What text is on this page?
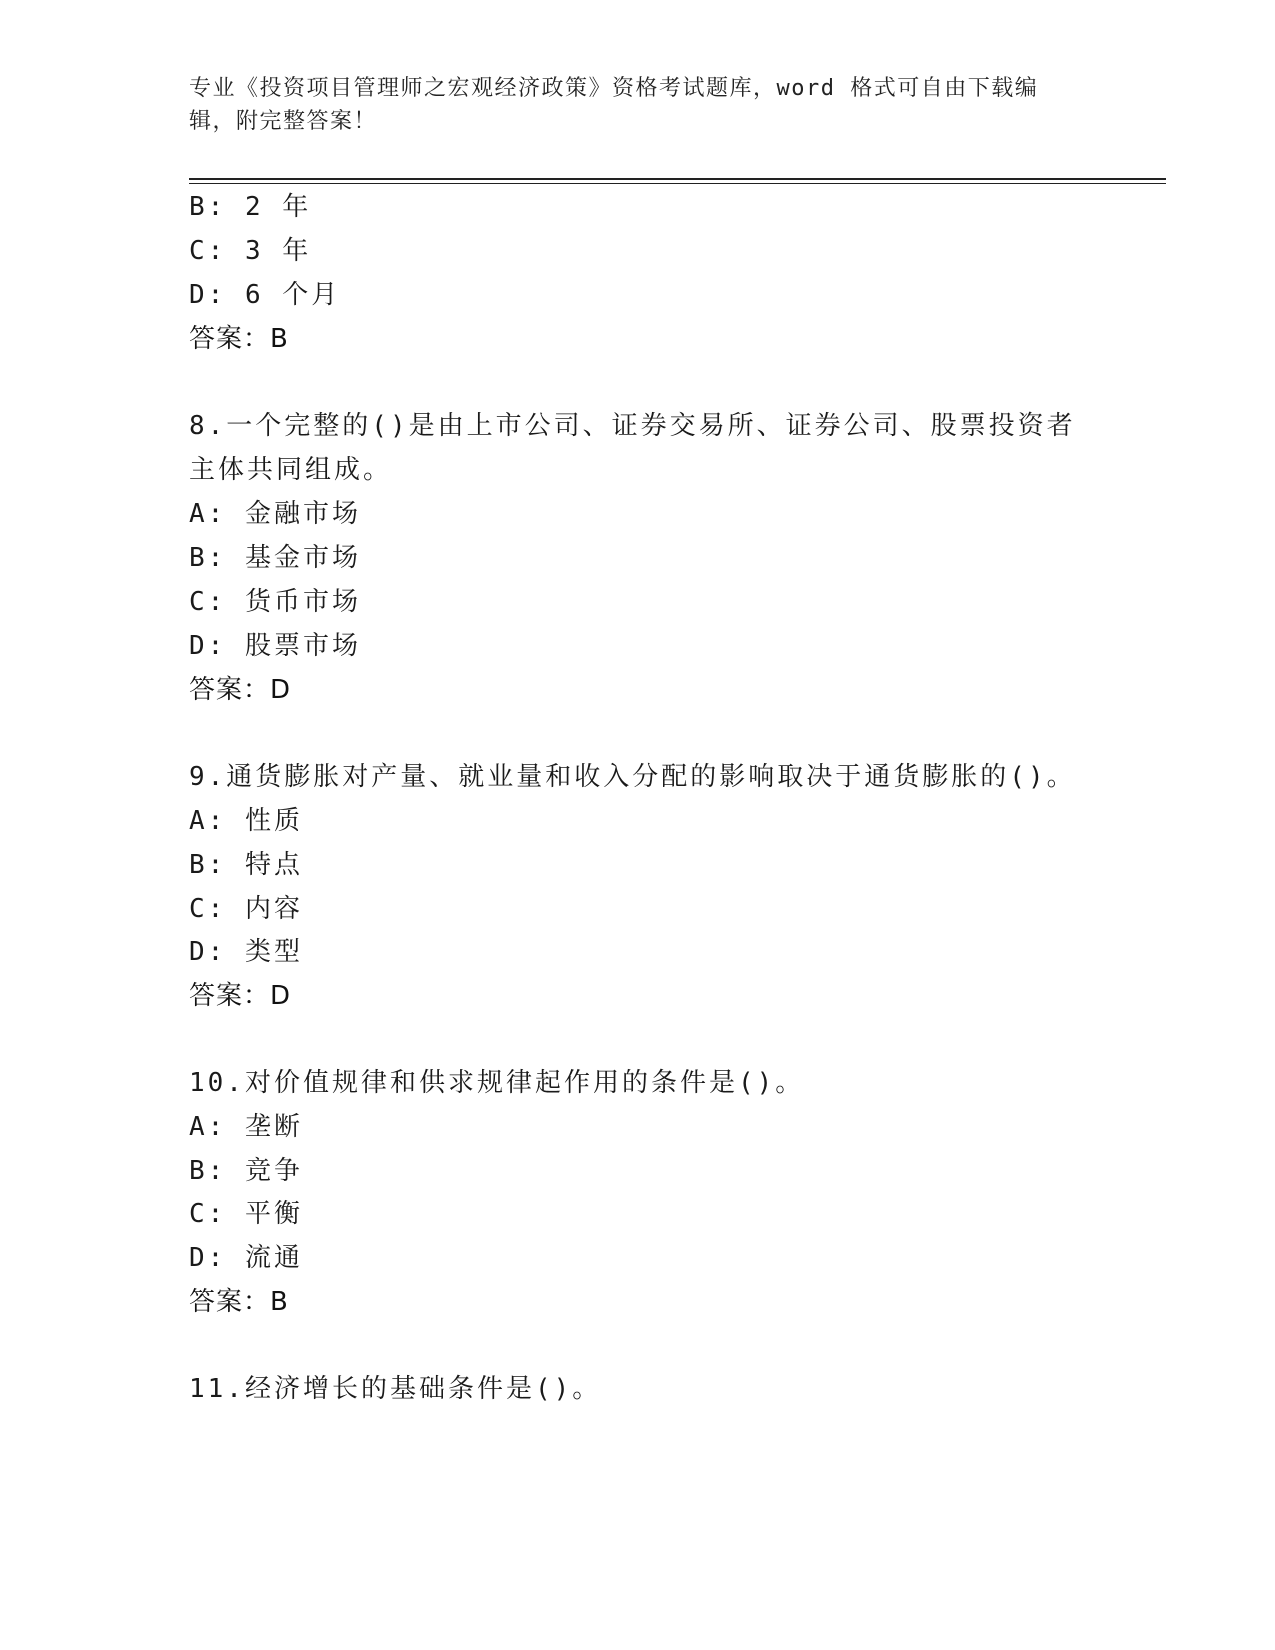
专业《投资项目管理师之宏观经济政策》资格考试题库，word 格式可自由下载编
辑，附完整答案！
B: 2 年
C: 3 年
D: 6 个月
答案：B
8.一个完整的()是由上市公司、证券交易所、证券公司、股票投资者
主体共同组成。
A: 金融市场
B: 基金市场
C: 货币市场
D: 股票市场
答案：D
9.通货膨胀对产量、就业量和收入分配的影响取决于通货膨胀的()。
A: 性质
B: 特点
C: 内容
D: 类型
答案：D
10.对价值规律和供求规律起作用的条件是()。
A: 垄断
B: 竞争
C: 平衡
D: 流通
答案：B
11.经济增长的基础条件是()。
